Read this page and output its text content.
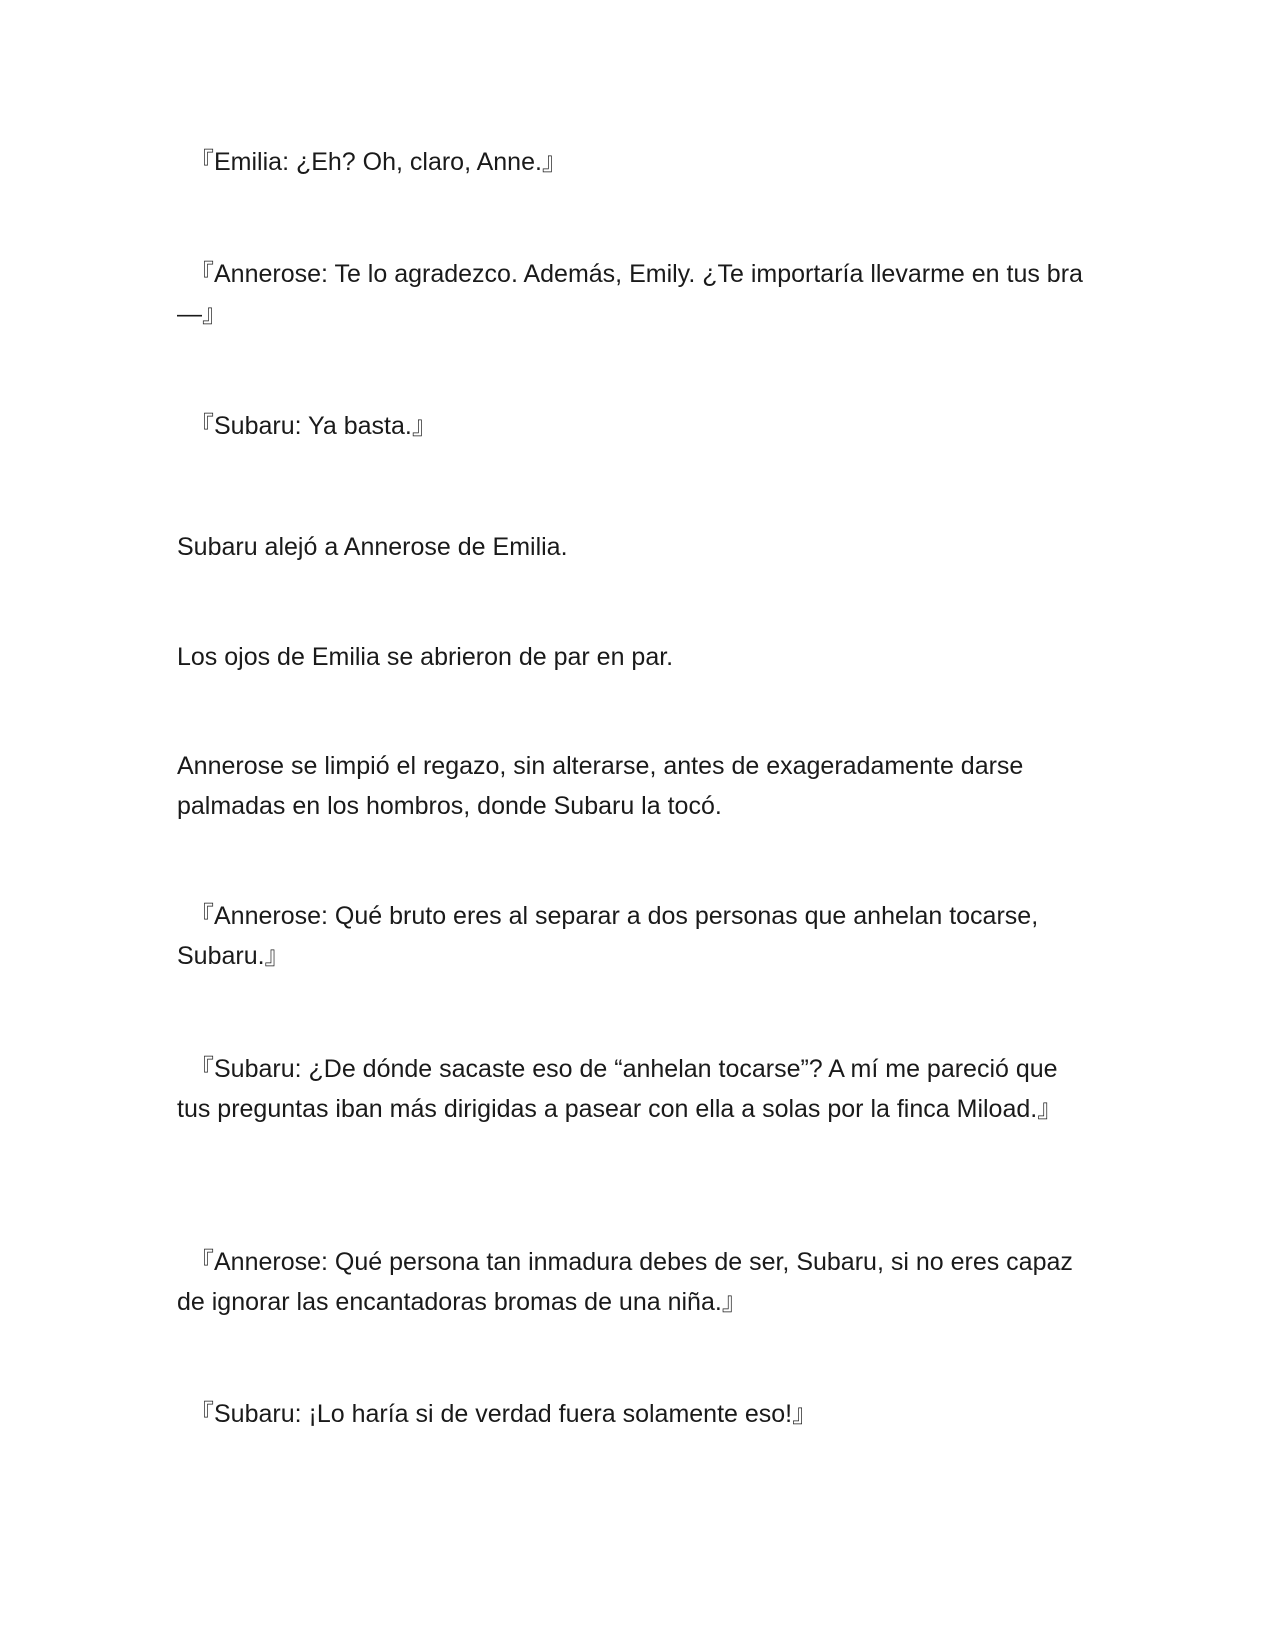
『Emilia: ¿Eh? Oh, claro, Anne.』

『Annerose: Te lo agradezco. Además, Emily. ¿Te importaría llevarme en tus bra—』

『Subaru: Ya basta.』

Subaru alejó a Annerose de Emilia.

Los ojos de Emilia se abrieron de par en par.

Annerose se limpió el regazo, sin alterarse, antes de exageradamente darse palmadas en los hombros, donde Subaru la tocó.

『Annerose: Qué bruto eres al separar a dos personas que anhelan tocarse, Subaru.』

『Subaru: ¿De dónde sacaste eso de “anhelan tocarse”? A mí me pareció que tus preguntas iban más dirigidas a pasear con ella a solas por la finca Miload.』

『Annerose: Qué persona tan inmadura debes de ser, Subaru, si no eres capaz de ignorar las encantadoras bromas de una niña.』

『Subaru: ¡Lo haría si de verdad fuera solamente eso!』
